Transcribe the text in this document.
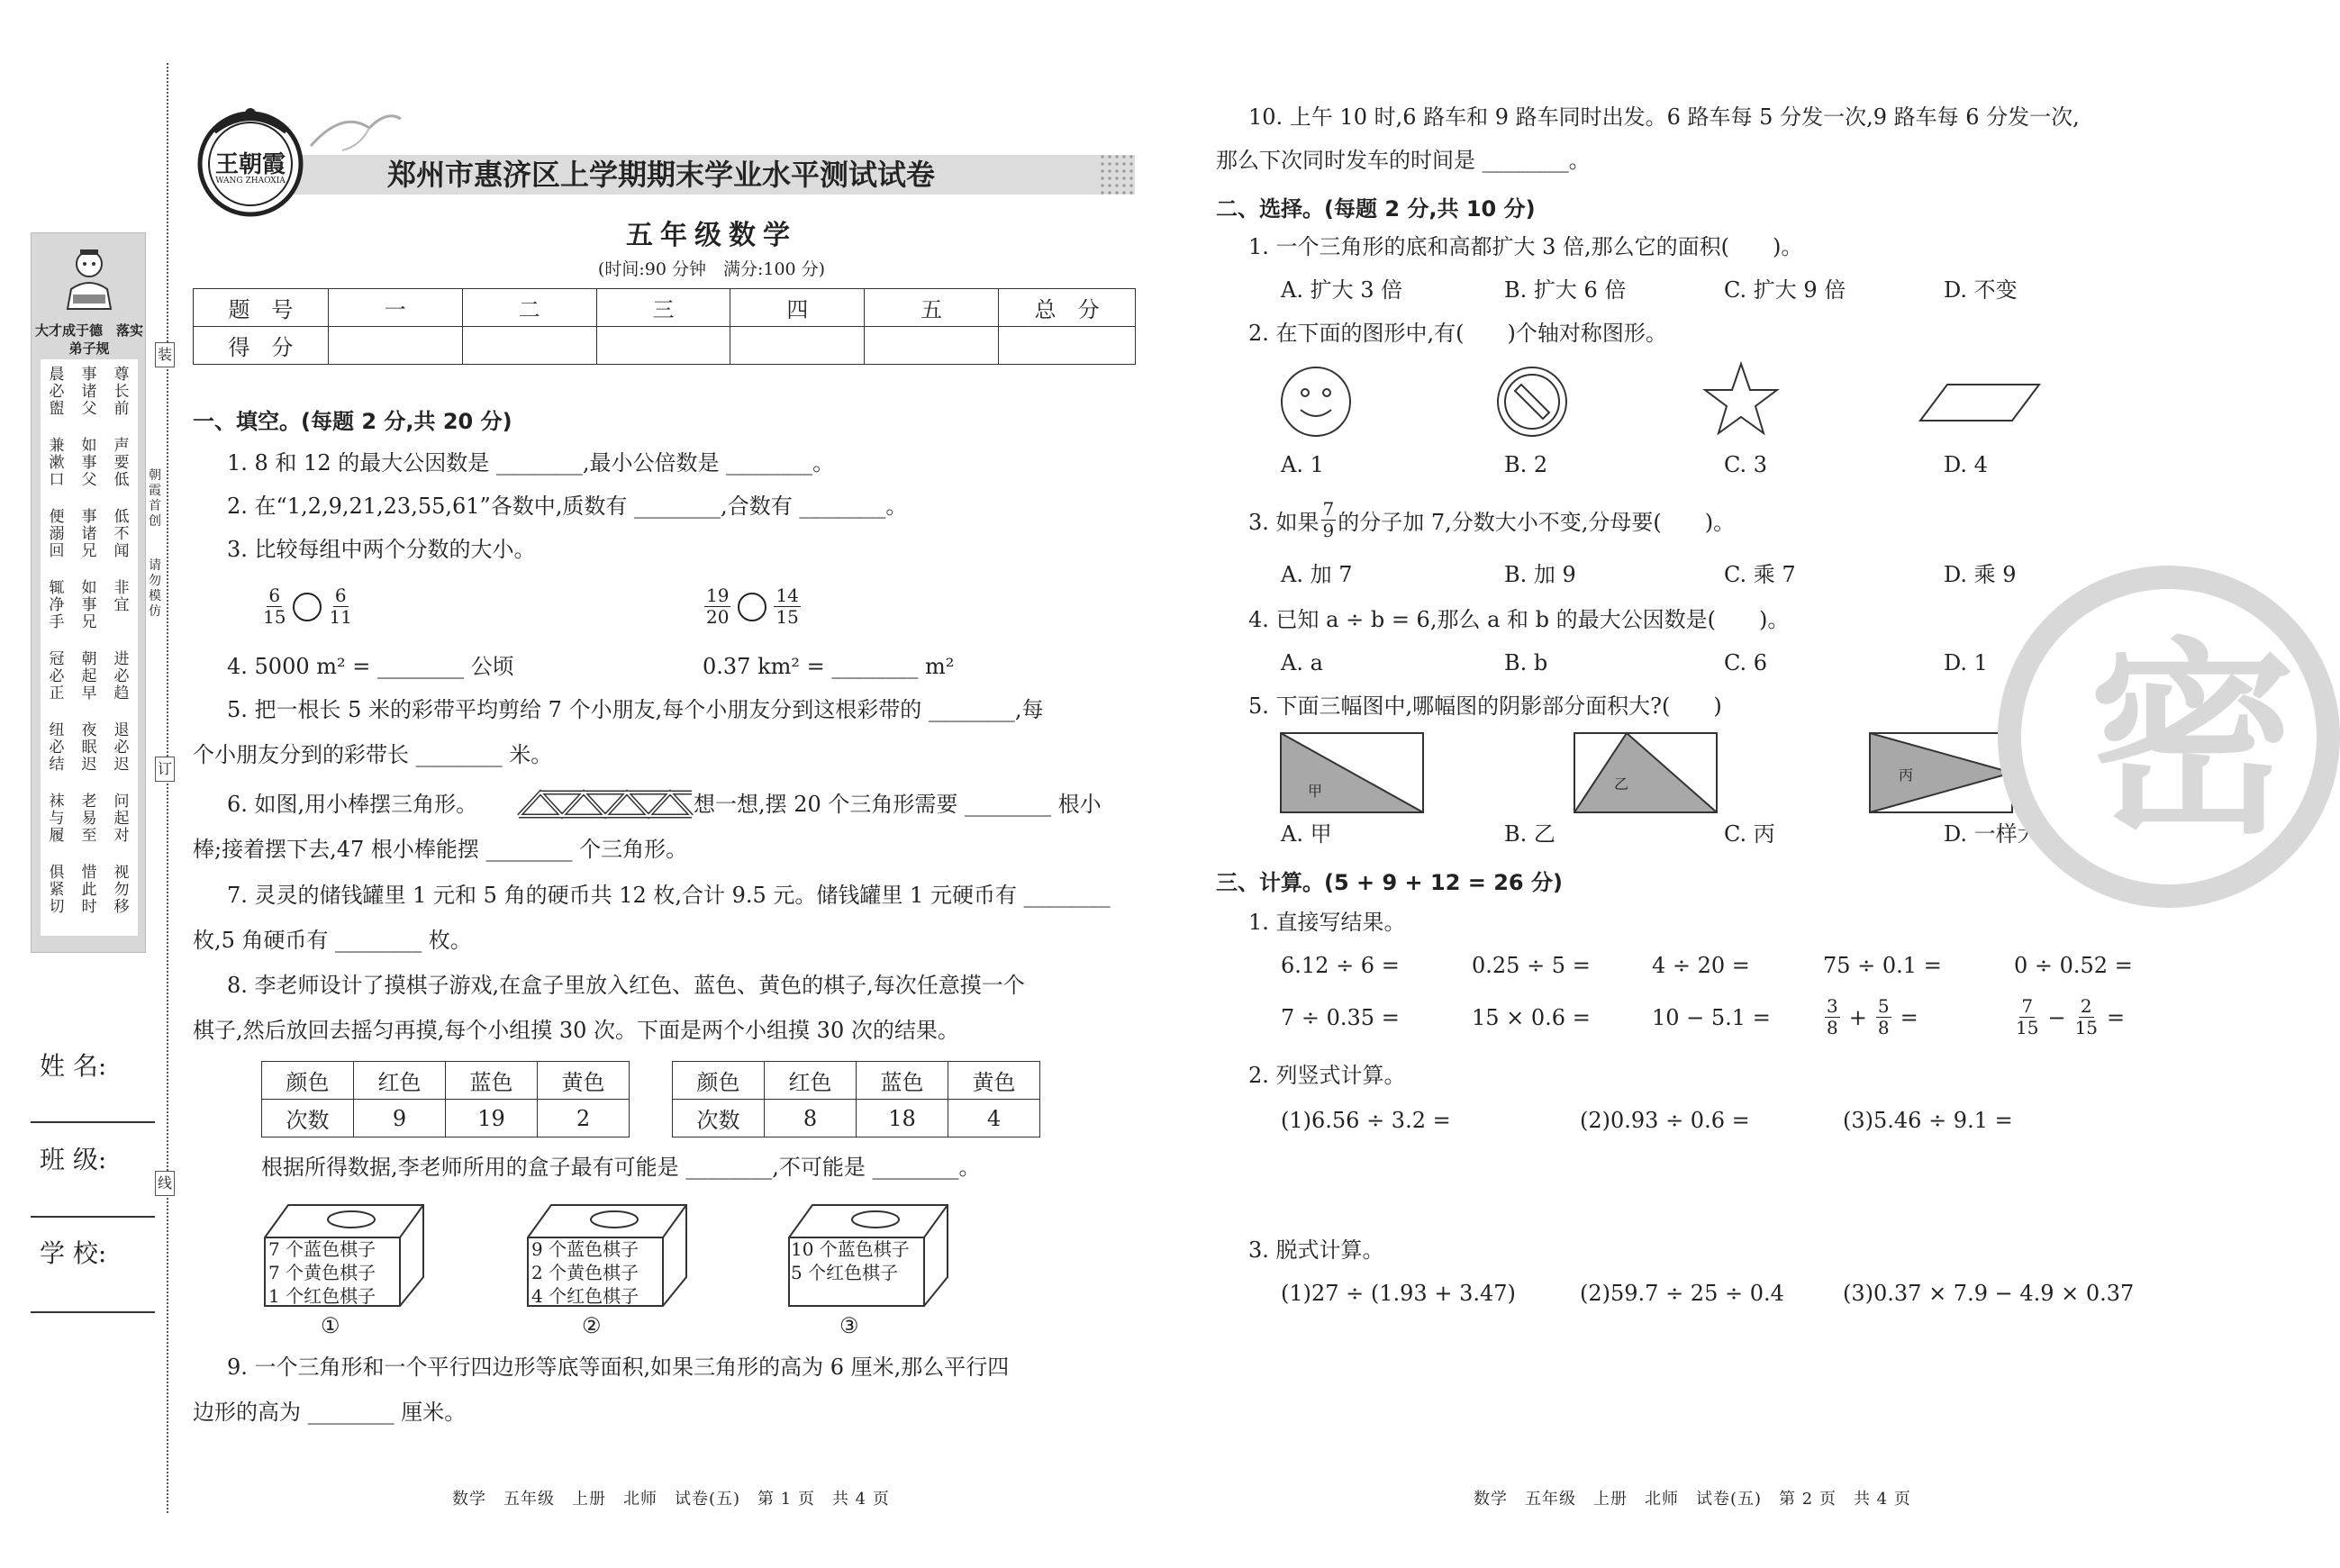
大才成于德　落实弟子规
晨必盥
事诸父
尊长前
兼漱口
如事父
声要低
便溺回
事诸兄
低不闻
辄净手
如事兄
非宜
冠必正
朝起早
进必趋
纽必结
夜眠迟
退必迟
袜与履
老易至
问起对
俱紧切
惜此时
视勿移
姓 名:
班 级:
学 校:
装
订
线
朝霞首创
请勿模仿
王朝霞
WANG ZHAOXIA	郑州市惠济区上学期期末学业水平测试试卷
五年级数学
(时间:90 分钟　满分:100 分)
题　号	一	二	三	四	五	总　分
得　分						
一、填空。(每题 2 分,共 20 分)
1. 8 和 12 的最大公因数是 ________,最小公倍数是 ________。
2. 在“1,2,9,21,23,55,61”各数中,质数有 ________,合数有 ________。
3. 比较每组中两个分数的大小。
$\frac{6}{15} \frac{6}{11}$	$\frac{19}{20} \frac{14}{15}$
4. 5000 m² = ________ 公顷	0.37 km² = ________ m²
5. 把一根长 5 米的彩带平均剪给 7 个小朋友,每个小朋友分到这根彩带的 ________,每
个小朋友分到的彩带长 ________ 米。
6. 如图,用小棒摆三角形。	想一想,摆 20 个三角形需要 ________ 根小
棒;接着摆下去,47 根小棒能摆 ________ 个三角形。
7. 灵灵的储钱罐里 1 元和 5 角的硬币共 12 枚,合计 9.5 元。储钱罐里 1 元硬币有 ________
枚,5 角硬币有 ________ 枚。
8. 李老师设计了摸棋子游戏,在盒子里放入红色、蓝色、黄色的棋子,每次任意摸一个
棋子,然后放回去摇匀再摸,每个小组摸 30 次。下面是两个小组摸 30 次的结果。
颜色	红色	蓝色	黄色
次数	9	19	2
颜色	红色	蓝色	黄色
次数	8	18	4
根据所得数据,李老师所用的盒子最有可能是 ________,不可能是 ________。
7 个蓝色棋子
7 个黄色棋子
1 个红色棋子
①
9 个蓝色棋子
2 个黄色棋子
4 个红色棋子
②
10 个蓝色棋子
5 个红色棋子
③
9. 一个三角形和一个平行四边形等底等面积,如果三角形的高为 6 厘米,那么平行四
边形的高为 ________ 厘米。
10. 上午 10 时,6 路车和 9 路车同时出发。6 路车每 5 分发一次,9 路车每 6 分发一次,
那么下次同时发车的时间是 ________。
二、选择。(每题 2 分,共 10 分)
1. 一个三角形的底和高都扩大 3 倍,那么它的面积(　　)。
A. 扩大 3 倍	B. 扩大 6 倍	C. 扩大 9 倍	D. 不变
2. 在下面的图形中,有(　　)个轴对称图形。
A. 1	B. 2	C. 3	D. 4
3. 如果 $\frac{7}{9}$ 的分子加 7,分数大小不变,分母要(　　)。
A. 加 7	B. 加 9	C. 乘 7	D. 乘 9
4. 已知 a ÷ b = 6,那么 a 和 b 的最大公因数是(　　)。
A. a	B. b	C. 6	D. 1
5. 下面三幅图中,哪幅图的阴影部分面积大?(　　)
甲	乙
丙
A. 甲	B. 乙	C. 丙	D. 一样大
三、计算。(5 + 9 + 12 = 26 分)
1. 直接写结果。
6.12 ÷ 6 =	0.25 ÷ 5 =	4 ÷ 20 =	75 ÷ 0.1 =	0 ÷ 0.52 =
7 ÷ 0.35 =	15 × 0.6 =	10 − 5.1 =	$\frac{3}{8} + \frac{5}{8}$ =	$\frac{7}{15} - \frac{2}{15}$ =
2. 列竖式计算。
(1)6.56 ÷ 3.2 =	(2)0.93 ÷ 0.6 =	(3)5.46 ÷ 9.1 =
3. 脱式计算。
(1)27 ÷ (1.93 + 3.47)	(2)59.7 ÷ 25 ÷ 0.4	(3)0.37 × 7.9 − 4.9 × 0.37
密
数学　五年级　上册　北师　试卷(五)　第 1 页　共 4 页	数学　五年级　上册　北师　试卷(五)　第 2 页　共 4 页
